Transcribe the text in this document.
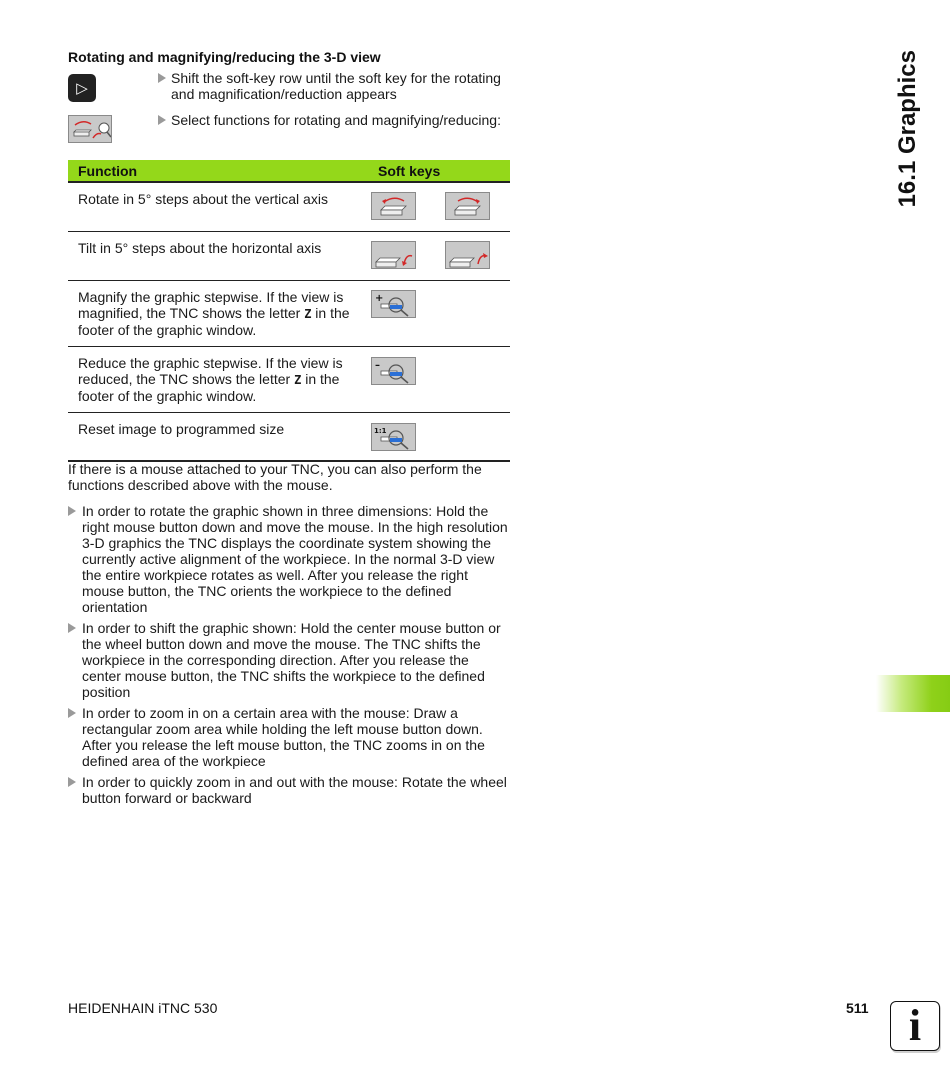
Rotating and magnifying/reducing the 3-D view
▷
Shift the soft-key row until the soft key for the rotating and magnification/reduction appears
Select functions for rotating and magnifying/reducing:
Function	Soft keys
Rotate in 5° steps about the vertical axis	

Tilt in 5° steps about the horizontal axis	

Magnify the graphic stepwise. If the view is magnified, the TNC shows the letter Z in the footer of the graphic window.	+

Reduce the graphic stepwise. If the view is reduced, the TNC shows the letter Z in the footer of the graphic window.	–

Reset image to programmed size	1:1
If there is a mouse attached to your TNC, you can also perform the functions described above with the mouse.
In order to rotate the graphic shown in three dimensions: Hold the right mouse button down and move the mouse. In the high resolution 3-D graphics the TNC displays the coordinate system showing the currently active alignment of the workpiece. In the normal 3-D view the entire workpiece rotates as well. After you release the right mouse button, the TNC orients the workpiece to the defined orientation
In order to shift the graphic shown: Hold the center mouse button or the wheel button down and move the mouse. The TNC shifts the workpiece in the corresponding direction. After you release the center mouse button, the TNC shifts the workpiece to the defined position
In order to zoom in on a certain area with the mouse: Draw a rectangular zoom area while holding the left mouse button down. After you release the left mouse button, the TNC zooms in on the defined area of the workpiece
In order to quickly zoom in and out with the mouse: Rotate the wheel button forward or backward
16.1 Graphics
HEIDENHAIN iTNC 530	511 i
